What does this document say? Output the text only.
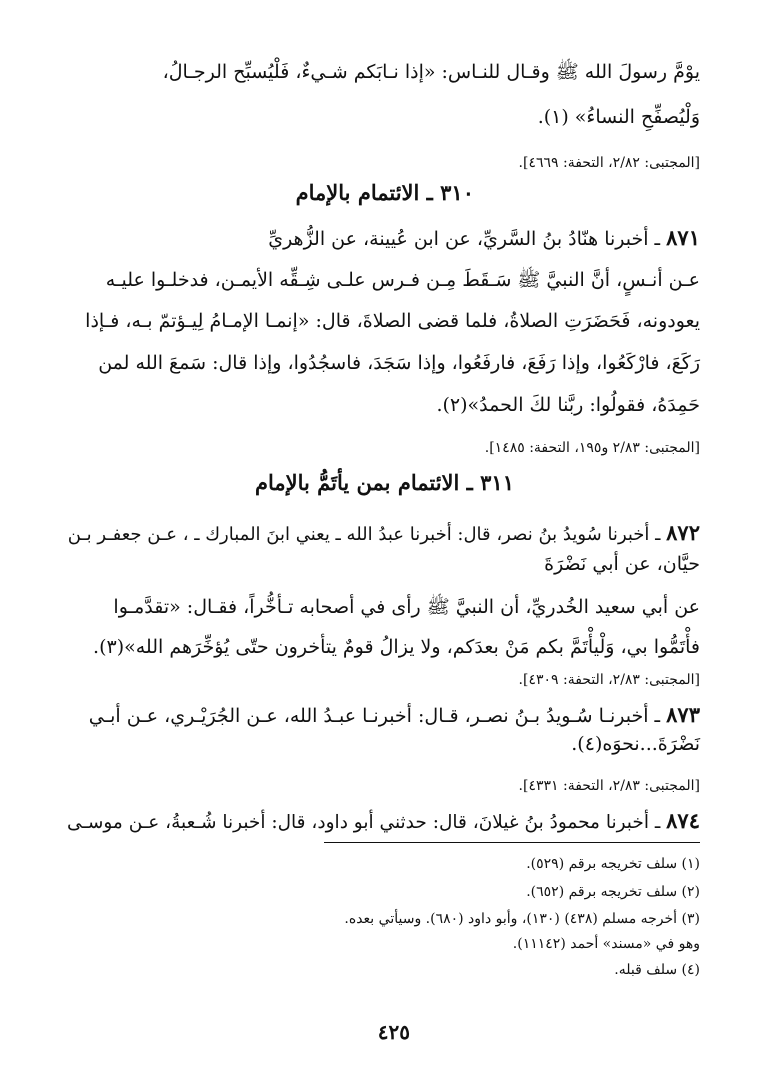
يوْمَّ رسولَ الله ﷺ وقـال للنـاس: «إذا نـابَكم شـيءٌ، فَلْيُسبِّح الرجـالُ،
وَلْيُصفِّحِ النساءُ» (١).
[المجتبى: ٢/٨٢، التحفة: ٤٦٦٩].
٣١٠ ـ الائتمام بالإمام
٨٧١ ـ أخبرنا هنّادُ بنُ السَّريِّ، عن ابن عُيينة، عن الزُّهريِّ
عـن أنـسٍ، أنَّ النبيَّ ﷺ سَـقَطَ مِـن فـرس علـى شِـقِّه الأيمـن، فدخلـوا عليـه
يعودونه، فَحَضَرَتِ الصلاةُ، فلما قضى الصلاةَ، قال: «إنمـا الإمـامُ لِيـؤتمّ بـه، فـإذا
رَكَعَ، فارْكَعُوا، وإذا رَفَعَ، فارفَعُوا، وإذا سَجَدَ، فاسجُدُوا، وإذا قال: سَمعَ الله لمن
حَمِدَهُ، فقولُوا: ربَّنا لكَ الحمدُ»(٢).
[المجتبى: ٢/٨٣ و١٩٥، التحفة: ١٤٨٥].
٣١١ ـ الائتمام بمن يأتَمُّ بالإمام
٨٧٢ ـ أخبرنا سُويدُ بنُ نصر، قال: أخبرنا عبدُ الله ـ يعني ابنَ المبارك ـ ، عـن جعفـر بـن
حيَّان، عن أبي نَضْرَةَ
عن أبي سعيد الخُدريِّ، أن النبيَّ ﷺ رأى في أصحابه تـأخُّراً، فقـال: «تقدَّمـوا
فأْتَمُّوا بي، وَلْيأْتَمَّ بكم مَنْ بعدَكم، ولا يزالُ قومٌ يتأخرون حتّى يُؤخِّرَهم الله»(٣).
[المجتبى: ٢/٨٣، التحفة: ٤٣٠٩].
٨٧٣ ـ أخبرنـا سُـويدُ بـنُ نصـر، قـال: أخبرنـا عبـدُ الله، عـن الجُرَيْـري، عـن أبـي
نَضْرَةَ...نحوَه(٤).
[المجتبى: ٢/٨٣، التحفة: ٤٣٣١].
٨٧٤ ـ أخبرنا محمودُ بنُ غيلانَ، قال: حدثني أبو داود، قال: أخبرنا شُـعبةُ، عـن موسـى
(١) سلف تخريجه برقم (٥٢٩).
(٢) سلف تخريجه برقم (٦٥٢).
(٣) أخرجه مسلم (٤٣٨) (١٣٠)، وأبو داود (٦٨٠). وسيأتي بعده.
وهو في «مسند» أحمد (١١١٤٢).
(٤) سلف قبله.
٤٢٥
